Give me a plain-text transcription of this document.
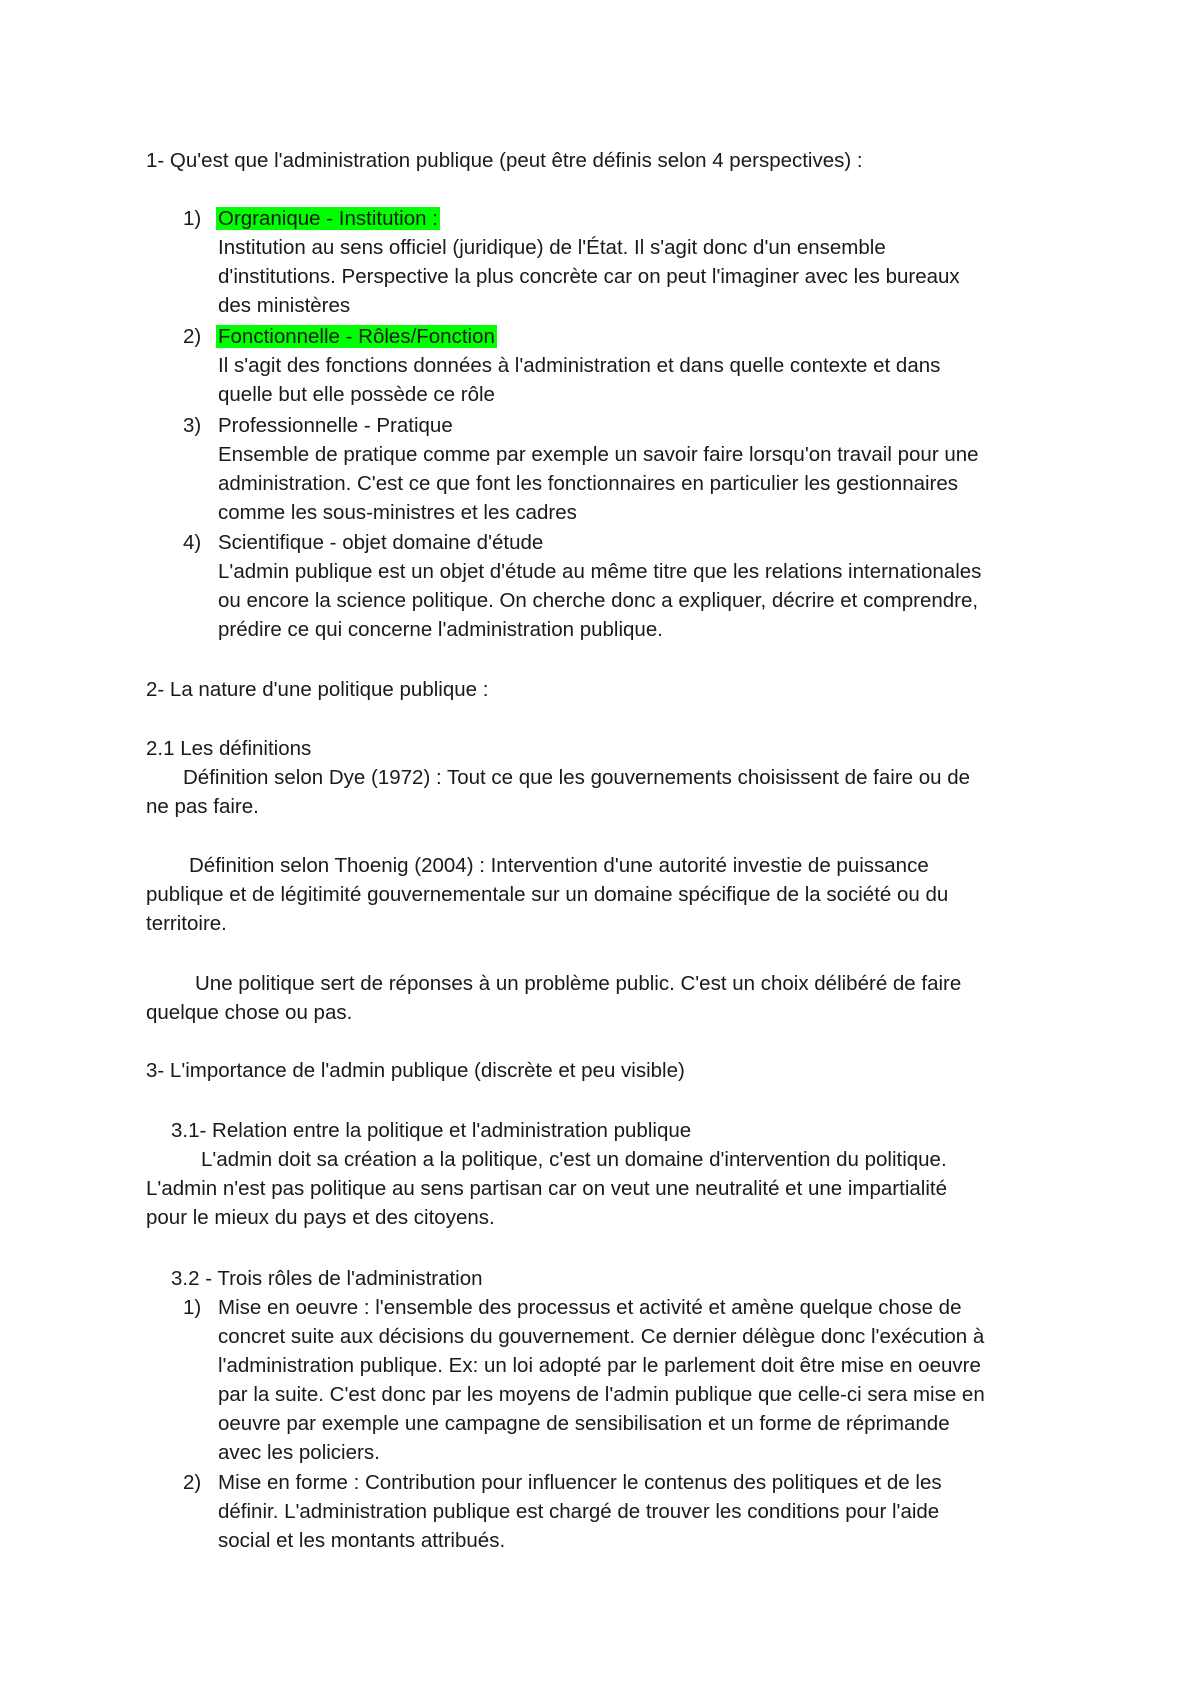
1- Qu'est que l'administration publique (peut être définis selon 4 perspectives) :
1) Orgranique - Institution :
Institution au sens officiel (juridique) de l'État. Il s'agit donc d'un ensemble
d'institutions. Perspective la plus concrète car on peut l'imaginer avec les bureaux
des ministères
2) Fonctionnelle - Rôles/Fonction
Il s'agit des fonctions données à l'administration et dans quelle contexte et dans
quelle but elle possède ce rôle
3) Professionnelle - Pratique
Ensemble de pratique comme par exemple un savoir faire lorsqu'on travail pour une
administration. C'est ce que font les fonctionnaires en particulier les gestionnaires
comme les sous-ministres et les cadres
4) Scientifique - objet domaine d'étude
L'admin publique est un objet d'étude au même titre que les relations internationales
ou encore la science politique. On cherche donc a expliquer, décrire et comprendre,
prédire ce qui concerne l'administration publique.
2- La nature d'une politique publique :
2.1 Les définitions
Définition selon Dye (1972) : Tout ce que les gouvernements choisissent de faire ou de
ne pas faire.
Définition selon Thoenig (2004) : Intervention d'une autorité investie de puissance
publique et de légitimité gouvernementale sur un domaine spécifique de la société ou du
territoire.
Une politique sert de réponses à un problème public. C'est un choix délibéré de faire
quelque chose ou pas.
3- L'importance de l'admin publique (discrète et peu visible)
3.1- Relation entre la politique et l'administration publique
L'admin doit sa création a la politique, c'est un domaine d'intervention du politique.
L'admin n'est pas politique au sens partisan car on veut une neutralité et une impartialité
pour le mieux du pays et des citoyens.
3.2 - Trois rôles de l'administration
1) Mise en oeuvre : l'ensemble des processus et activité et amène quelque chose de
concret suite aux décisions du gouvernement. Ce dernier délègue donc l'exécution à
l'administration publique. Ex: un loi adopté par le parlement doit être mise en oeuvre
par la suite. C'est donc par les moyens de l'admin publique que celle-ci sera mise en
oeuvre par exemple une campagne de sensibilisation et un forme de réprimande
avec les policiers.
2) Mise en forme : Contribution pour influencer le contenus des politiques et de les
définir. L'administration publique est chargé de trouver les conditions pour l'aide
social et les montants attribués.
